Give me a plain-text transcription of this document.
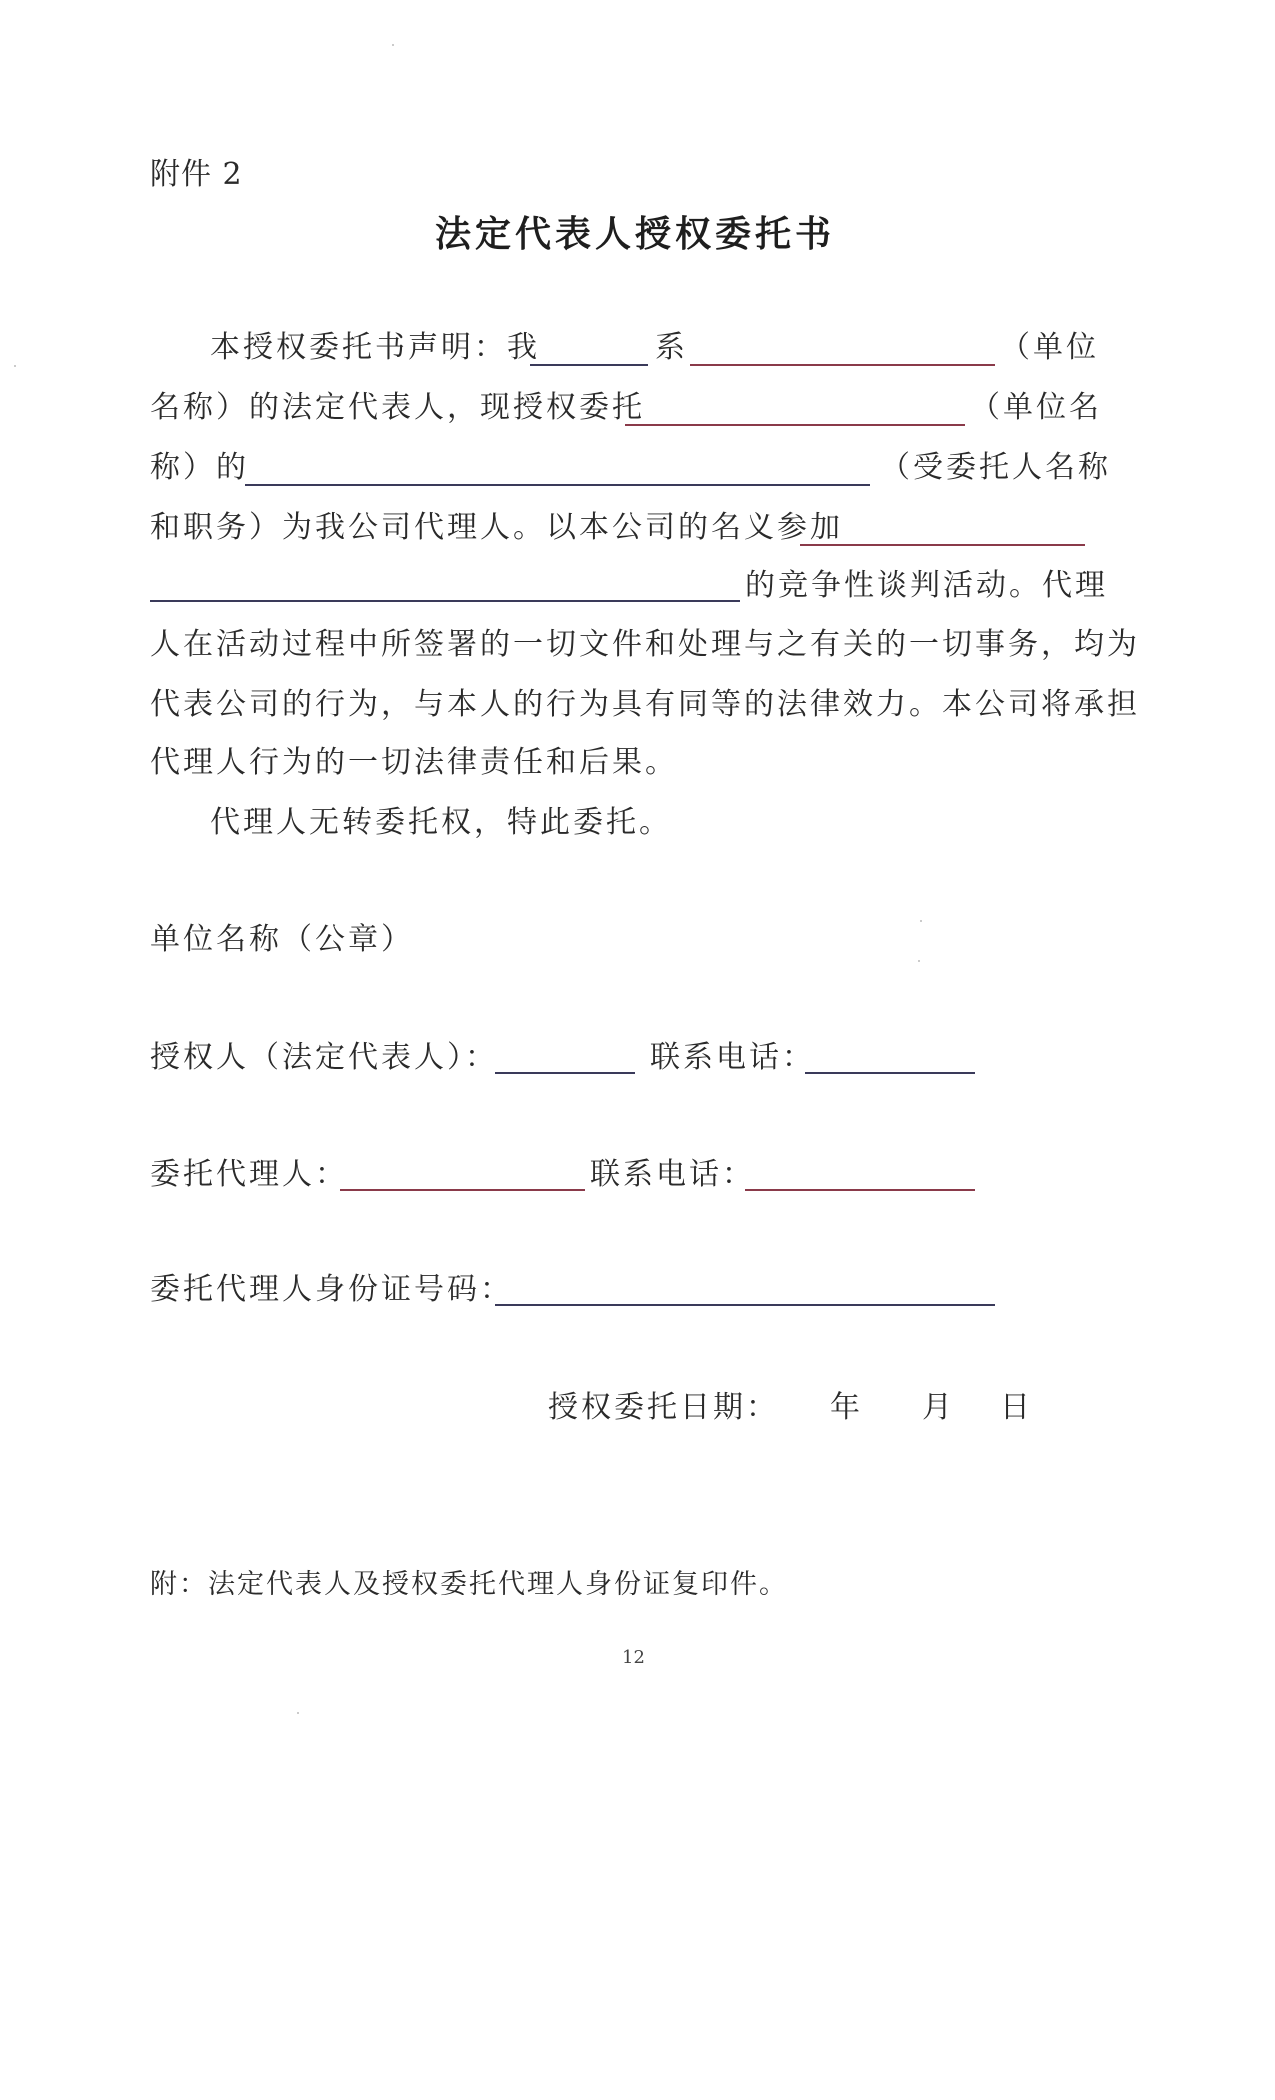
附件 2
法定代表人授权委托书
本授权委托书声明：我	系	（单位
名称）的法定代表人，现授权委托	（单位名
称）的	（受委托人名称
和职务）为我公司代理人。以本公司的名义参加
的竞争性谈判活动。代理
人在活动过程中所签署的一切文件和处理与之有关的一切事务，均为
代表公司的行为，与本人的行为具有同等的法律效力。本公司将承担
代理人行为的一切法律责任和后果。
代理人无转委托权，特此委托。
单位名称（公章）
授权人（法定代表人）：	联系电话：
委托代理人：	联系电话：
委托代理人身份证号码：
授权委托日期： 年 月 日
附：法定代表人及授权委托代理人身份证复印件。
12
